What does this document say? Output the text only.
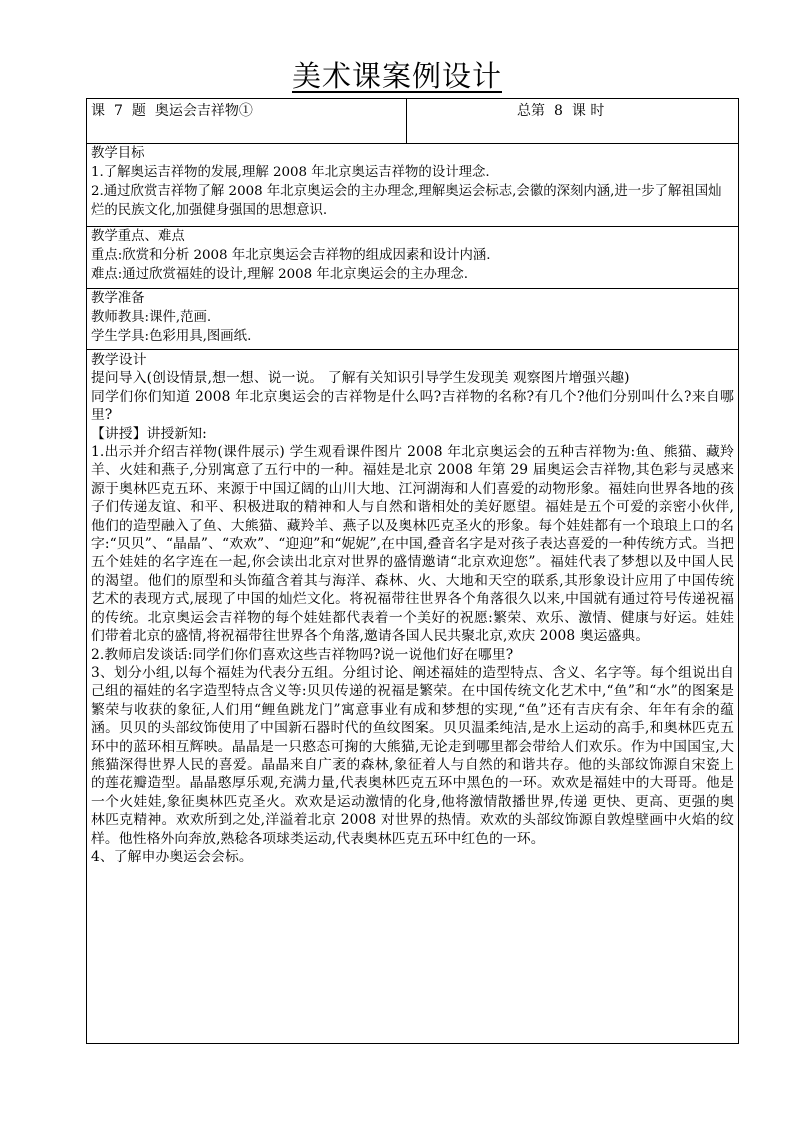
美术课案例设计
课 7 题 奥运会吉祥物①	总第 8 课 时

教学目标

1.了解奥运吉祥物的发展,理解 2008 年北京奥运吉祥物的设计理念.

2.通过欣赏吉祥物了解 2008 年北京奥运会的主办理念,理解奥运会标志,会徽的深刻内涵,进一步了解祖国灿烂的民族文化,加强健身强国的思想意识.

教学重点、难点

重点:欣赏和分析 2008 年北京奥运会吉祥物的组成因素和设计内涵.

难点:通过欣赏福娃的设计,理解 2008 年北京奥运会的主办理念.

教学准备

教师教具:课件,范画.

学生学具:色彩用具,图画纸.

教学设计

提问导入(创设情景,想一想、说一说。 了解有关知识引导学生发现美 观察图片增强兴趣)

同学们你们知道 2008 年北京奥运会的吉祥物是什么吗?吉祥物的名称?有几个?他们分别叫什么?来自哪里?

【讲授】讲授新知:

1.出示并介绍吉祥物(课件展示) 学生观看课件图片 2008 年北京奥运会的五种吉祥物为:鱼、熊猫、藏羚羊、火娃和燕子,分别寓意了五行中的一种。福娃是北京 2008 年第 29 届奥运会吉祥物,其色彩与灵感来源于奥林匹克五环、来源于中国辽阔的山川大地、江河湖海和人们喜爱的动物形象。福娃向世界各地的孩子们传递友谊、和平、积极进取的精神和人与自然和谐相处的美好愿望。福娃是五个可爱的亲密小伙伴,他们的造型融入了鱼、大熊猫、藏羚羊、燕子以及奥林匹克圣火的形象。每个娃娃都有一个琅琅上口的名字:“贝贝”、“晶晶”、“欢欢”、“迎迎”和“妮妮”,在中国,叠音名字是对孩子表达喜爱的一种传统方式。当把五个娃娃的名字连在一起,你会读出北京对世界的盛情邀请“北京欢迎您”。福娃代表了梦想以及中国人民的渴望。他们的原型和头饰蕴含着其与海洋、森林、火、大地和天空的联系,其形象设计应用了中国传统艺术的表现方式,展现了中国的灿烂文化。将祝福带往世界各个角落很久以来,中国就有通过符号传递祝福的传统。北京奥运会吉祥物的每个娃娃都代表着一个美好的祝愿:繁荣、欢乐、激情、健康与好运。娃娃们带着北京的盛情,将祝福带往世界各个角落,邀请各国人民共聚北京,欢庆 2008 奥运盛典。

2.教师启发谈话:同学们你们喜欢这些吉祥物吗?说一说他们好在哪里?

3、划分小组,以每个福娃为代表分五组。分组讨论、阐述福娃的造型特点、含义、名字等。每个组说出自己组的福娃的名字造型特点含义等:贝贝传递的祝福是繁荣。在中国传统文化艺术中,“鱼”和“水”的图案是繁荣与收获的象征,人们用“鲤鱼跳龙门”寓意事业有成和梦想的实现,“鱼”还有吉庆有余、年年有余的蕴涵。贝贝的头部纹饰使用了中国新石器时代的鱼纹图案。贝贝温柔纯洁,是水上运动的高手,和奥林匹克五环中的蓝环相互辉映。晶晶是一只憨态可掬的大熊猫,无论走到哪里都会带给人们欢乐。作为中国国宝,大熊猫深得世界人民的喜爱。晶晶来自广袤的森林,象征着人与自然的和谐共存。他的头部纹饰源自宋瓷上的莲花瓣造型。晶晶憨厚乐观,充满力量,代表奥林匹克五环中黑色的一环。欢欢是福娃中的大哥哥。他是一个火娃娃,象征奥林匹克圣火。欢欢是运动激情的化身,他将激情散播世界,传递 更快、更高、更强的奥林匹克精神。欢欢所到之处,洋溢着北京 2008 对世界的热情。欢欢的头部纹饰源自敦煌壁画中火焰的纹样。他性格外向奔放,熟稔各项球类运动,代表奥林匹克五环中红色的一环。

4、了解申办奥运会会标。
